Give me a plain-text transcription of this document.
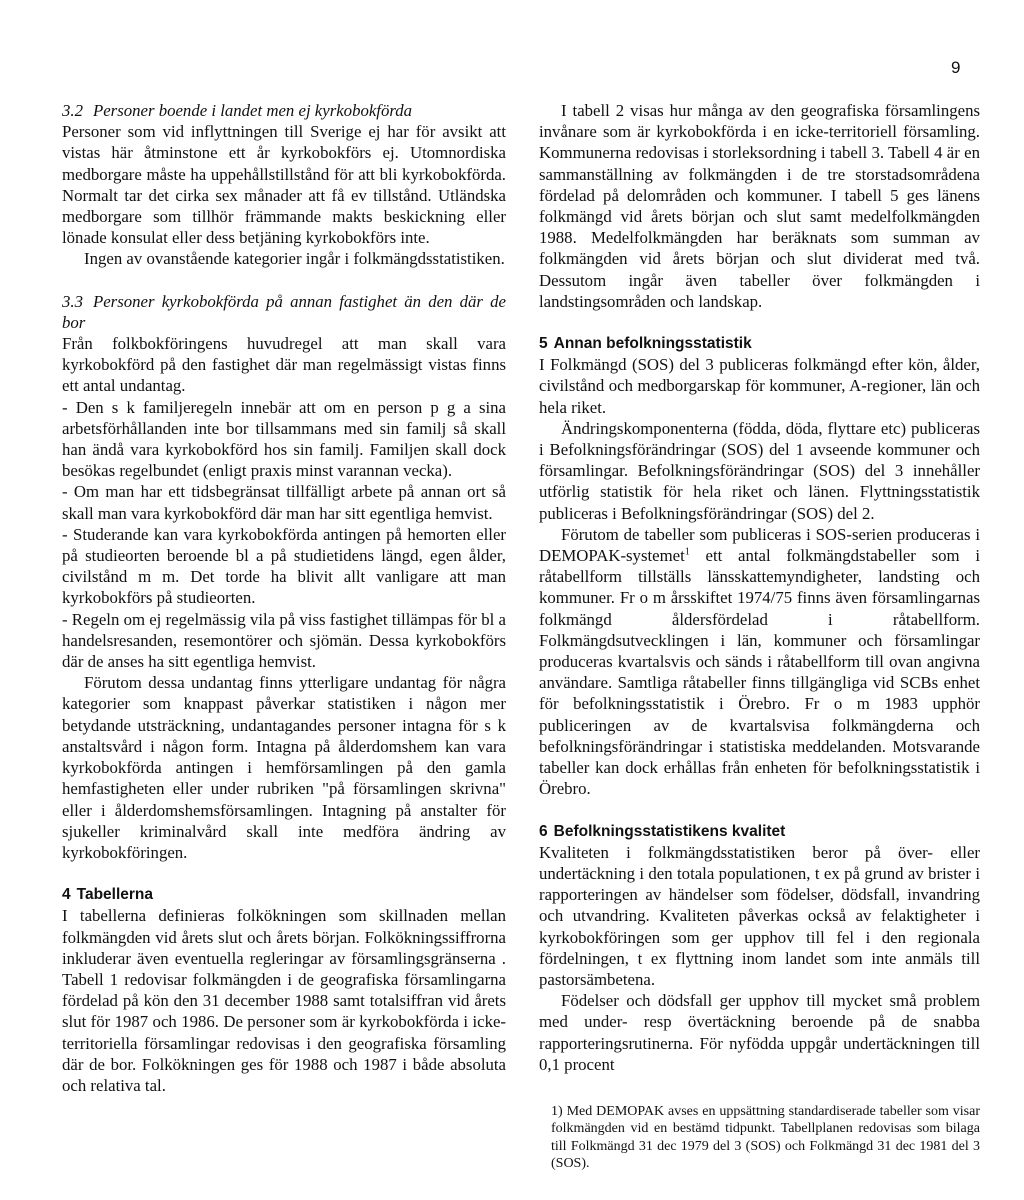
9
3.2 Personer boende i landet men ej kyrkobokförda

Personer som vid inflyttningen till Sverige ej har för avsikt att vistas här åtminstone ett år kyrkobokförs ej. Utomnordiska medborgare måste ha uppehållstillstånd för att bli kyrkobokförda. Normalt tar det cirka sex månader att få ev tillstånd. Utländska medborgare som tillhör främmande makts beskickning eller lönade konsulat eller dess betjäning kyrkobokförs inte.

Ingen av ovanstående kategorier ingår i folkmängdsstatistiken.

3.3 Personer kyrkobokförda på annan fastighet än den där de bor

Från folkbokföringens huvudregel att man skall vara kyrkobokförd på den fastighet där man regelmässigt vistas finns ett antal undantag.

- Den s k familjeregeln innebär att om en person p g a sina arbetsförhållanden inte bor tillsammans med sin familj så skall han ändå vara kyrkobokförd hos sin familj. Familjen skall dock besökas regelbundet (enligt praxis minst varannan vecka).

- Om man har ett tidsbegränsat tillfälligt arbete på annan ort så skall man vara kyrkobokförd där man har sitt egentliga hemvist.

- Studerande kan vara kyrkobokförda antingen på hemorten eller på studieorten beroende bl a på studietidens längd, egen ålder, civilstånd m m. Det torde ha blivit allt vanligare att man kyrkobokförs på studieorten.

- Regeln om ej regelmässig vila på viss fastighet tillämpas för bl a handelsresanden, resemontörer och sjömän. Dessa kyrkobokförs där de anses ha sitt egentliga hemvist.

Förutom dessa undantag finns ytterligare undantag för några kategorier som knappast påverkar statistiken i någon mer betydande utsträckning, undantagandes personer intagna för s k anstaltsvård i någon form. Intagna på ålderdomshem kan vara kyrkobokförda antingen i hemförsamlingen på den gamla hemfastigheten eller under rubriken "på församlingen skrivna" eller i ålderdomshemsförsamlingen. Intagning på anstalter för sjukeller kriminalvård skall inte medföra ändring av kyrkobokföringen.

4 Tabellerna

I tabellerna definieras folkökningen som skillnaden mellan folkmängden vid årets slut och årets början. Folkökningssiffrorna inkluderar även eventuella regleringar av församlingsgränserna . Tabell 1 redovisar folkmängden i de geografiska församlingarna fördelad på kön den 31 december 1988 samt totalsiffran vid årets slut för 1987 och 1986. De personer som är kyrkobokförda i icke-territoriella församlingar redovisas i den geografiska församling där de bor. Folkökningen ges för 1988 och 1987 i både absoluta och relativa tal.

I tabell 2 visas hur många av den geografiska församlingens invånare som är kyrkobokförda i en icke-territoriell församling. Kommunerna redovisas i storleksordning i tabell 3. Tabell 4 är en sammanställning av folkmängden i de tre storstadsområdena fördelad på delområden och kommuner. I tabell 5 ges länens folkmängd vid årets början och slut samt medelfolkmängden 1988. Medelfolkmängden har beräknats som summan av folkmängden vid årets början och slut dividerat med två. Dessutom ingår även tabeller över folkmängden i landstingsområden och landskap.

5 Annan befolkningsstatistik

I Folkmängd (SOS) del 3 publiceras folkmängd efter kön, ålder, civilstånd och medborgarskap för kommuner, A-regioner, län och hela riket.

Ändringskomponenterna (födda, döda, flyttare etc) publiceras i Befolkningsförändringar (SOS) del 1 avseende kommuner och församlingar. Befolkningsförändringar (SOS) del 3 innehåller utförlig statistik för hela riket och länen. Flyttningsstatistik publiceras i Befolkningsförändringar (SOS) del 2.

Förutom de tabeller som publiceras i SOS-serien produceras i DEMOPAK-systemet$^1$ ett antal folkmängdstabeller som i råtabellform tillställs länsskattemyndigheter, landsting och kommuner. Fr o m årsskiftet 1974/75 finns även församlingarnas folkmängd åldersfördelad i råtabellform. Folkmängdsutvecklingen i län, kommuner och församlingar produceras kvartalsvis och sänds i råtabellform till ovan angivna användare. Samtliga råtabeller finns tillgängliga vid SCBs enhet för befolkningsstatistik i Örebro. Fr o m 1983 upphör publiceringen av de kvartalsvisa folkmängderna och befolkningsförändringar i statistiska meddelanden. Motsvarande tabeller kan dock erhållas från enheten för befolkningsstatistik i Örebro.

6 Befolkningsstatistikens kvalitet

Kvaliteten i folkmängdsstatistiken beror på över- eller undertäckning i den totala populationen, t ex på grund av brister i rapporteringen av händelser som födelser, dödsfall, invandring och utvandring. Kvaliteten påverkas också av felaktigheter i kyrkobokföringen som ger upphov till fel i den regionala fördelningen, t ex flyttning inom landet som inte anmäls till pastorsämbetena.

Födelser och dödsfall ger upphov till mycket små problem med under- resp övertäckning beroende på de snabba rapporteringsrutinerna. För nyfödda uppgår undertäckningen till 0,1 procent

1) Med DEMOPAK avses en uppsättning standardiserade tabeller som visar folkmängden vid en bestämd tidpunkt. Tabellplanen redovisas som bilaga till Folkmängd 31 dec 1979 del 3 (SOS) och Folkmängd 31 dec 1981 del 3 (SOS).
